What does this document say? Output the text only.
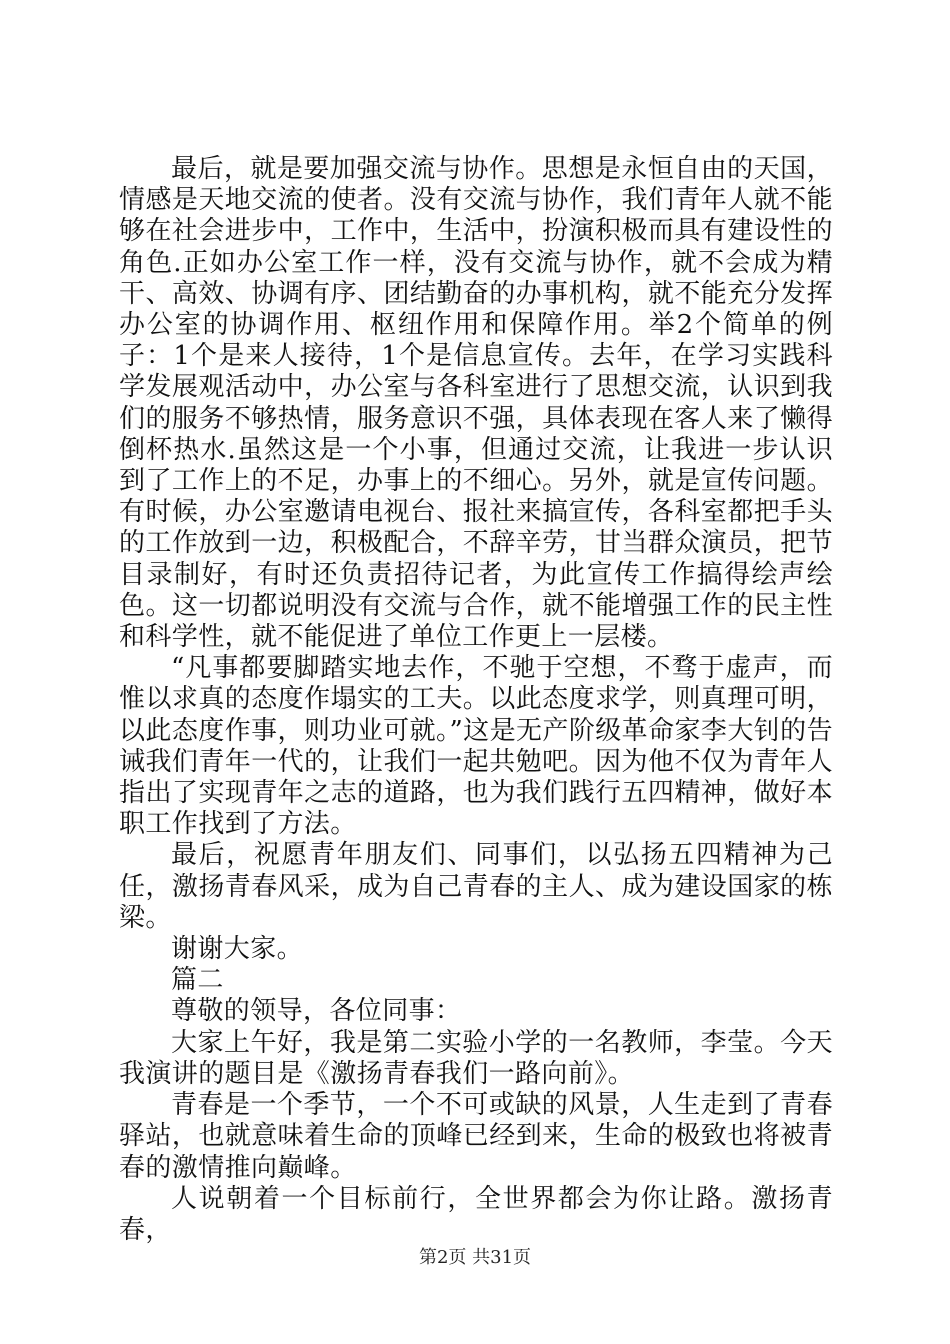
最后，就是要加强交流与协作。思想是永恒自由的天国，情感是天地交流的使者。没有交流与协作，我们青年人就不能够在社会进步中，工作中，生活中，扮演积极而具有建设性的角色.正如办公室工作一样，没有交流与协作，就不会成为精干、高效、协调有序、团结勤奋的办事机构，就不能充分发挥办公室的协调作用、枢纽作用和保障作用。举2个简单的例子：1个是来人接待，1个是信息宣传。去年，在学习实践科学发展观活动中，办公室与各科室进行了思想交流，认识到我们的服务不够热情，服务意识不强，具体表现在客人来了懒得倒杯热水.虽然这是一个小事，但通过交流，让我进一步认识到了工作上的不足，办事上的不细心。另外，就是宣传问题。有时候，办公室邀请电视台、报社来搞宣传，各科室都把手头的工作放到一边，积极配合，不辞辛劳，甘当群众演员，把节目录制好，有时还负责招待记者，为此宣传工作搞得绘声绘色。这一切都说明没有交流与合作，就不能增强工作的民主性和科学性，就不能促进了单位工作更上一层楼。

“凡事都要脚踏实地去作，不驰于空想，不骛于虚声，而惟以求真的态度作塌实的工夫。以此态度求学，则真理可明，以此态度作事，则功业可就。”这是无产阶级革命家李大钊的告诫我们青年一代的，让我们一起共勉吧。因为他不仅为青年人指出了实现青年之志的道路，也为我们践行五四精神，做好本职工作找到了方法。

最后，祝愿青年朋友们、同事们，以弘扬五四精神为己任，激扬青春风采，成为自己青春的主人、成为建设国家的栋梁。

谢谢大家。

篇二

尊敬的领导，各位同事：

大家上午好，我是第二实验小学的一名教师，李莹。今天我演讲的题目是《激扬青春我们一路向前》。

青春是一个季节，一个不可或缺的风景，人生走到了青春驿站，也就意味着生命的顶峰已经到来，生命的极致也将被青春的激情推向巅峰。

人说朝着一个目标前行，全世界都会为你让路。激扬青春，

第2页 共31页
